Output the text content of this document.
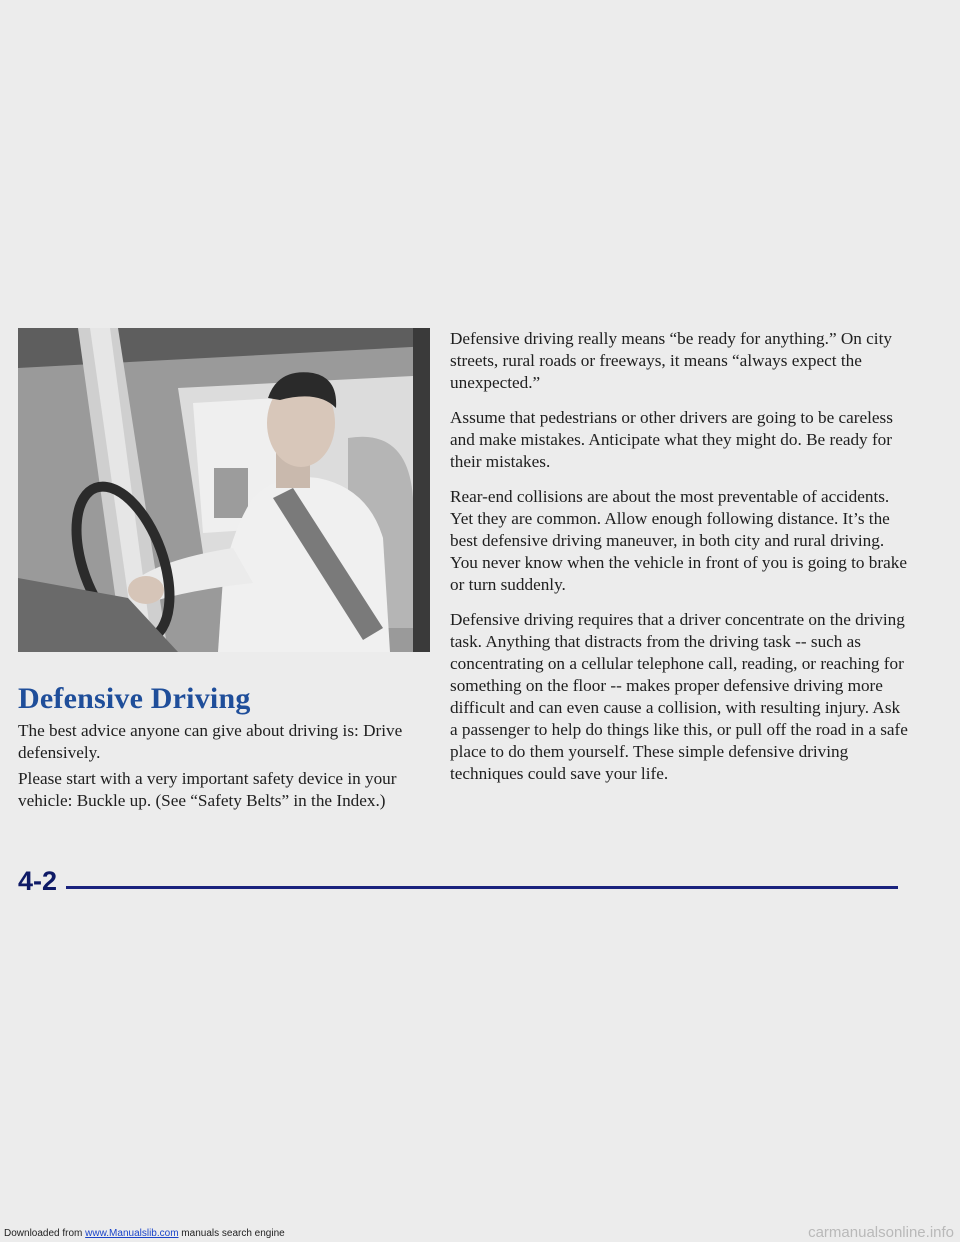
Defensive Driving

The best advice anyone can give about driving is: Drive defensively.

Please start with a very important safety device in your vehicle: Buckle up. (See “Safety Belts” in the Index.)

Defensive driving really means “be ready for anything.” On city streets, rural roads or freeways, it means “always expect the unexpected.”

Assume that pedestrians or other drivers are going to be careless and make mistakes. Anticipate what they might do. Be ready for their mistakes.

Rear-end collisions are about the most preventable of accidents. Yet they are common. Allow enough following distance. It’s the best defensive driving maneuver, in both city and rural driving. You never know when the vehicle in front of you is going to brake or turn suddenly.

Defensive driving requires that a driver concentrate on the driving task. Anything that distracts from the driving task -- such as concentrating on a cellular telephone call, reading, or reaching for something on the floor -- makes proper defensive driving more difficult and can even cause a collision, with resulting injury. Ask a passenger to help do things like this, or pull off the road in a safe place to do them yourself. These simple defensive driving techniques could save your life.

4-2
Downloaded from www.Manualslib.com manuals search engine	carmanualsonline.info
